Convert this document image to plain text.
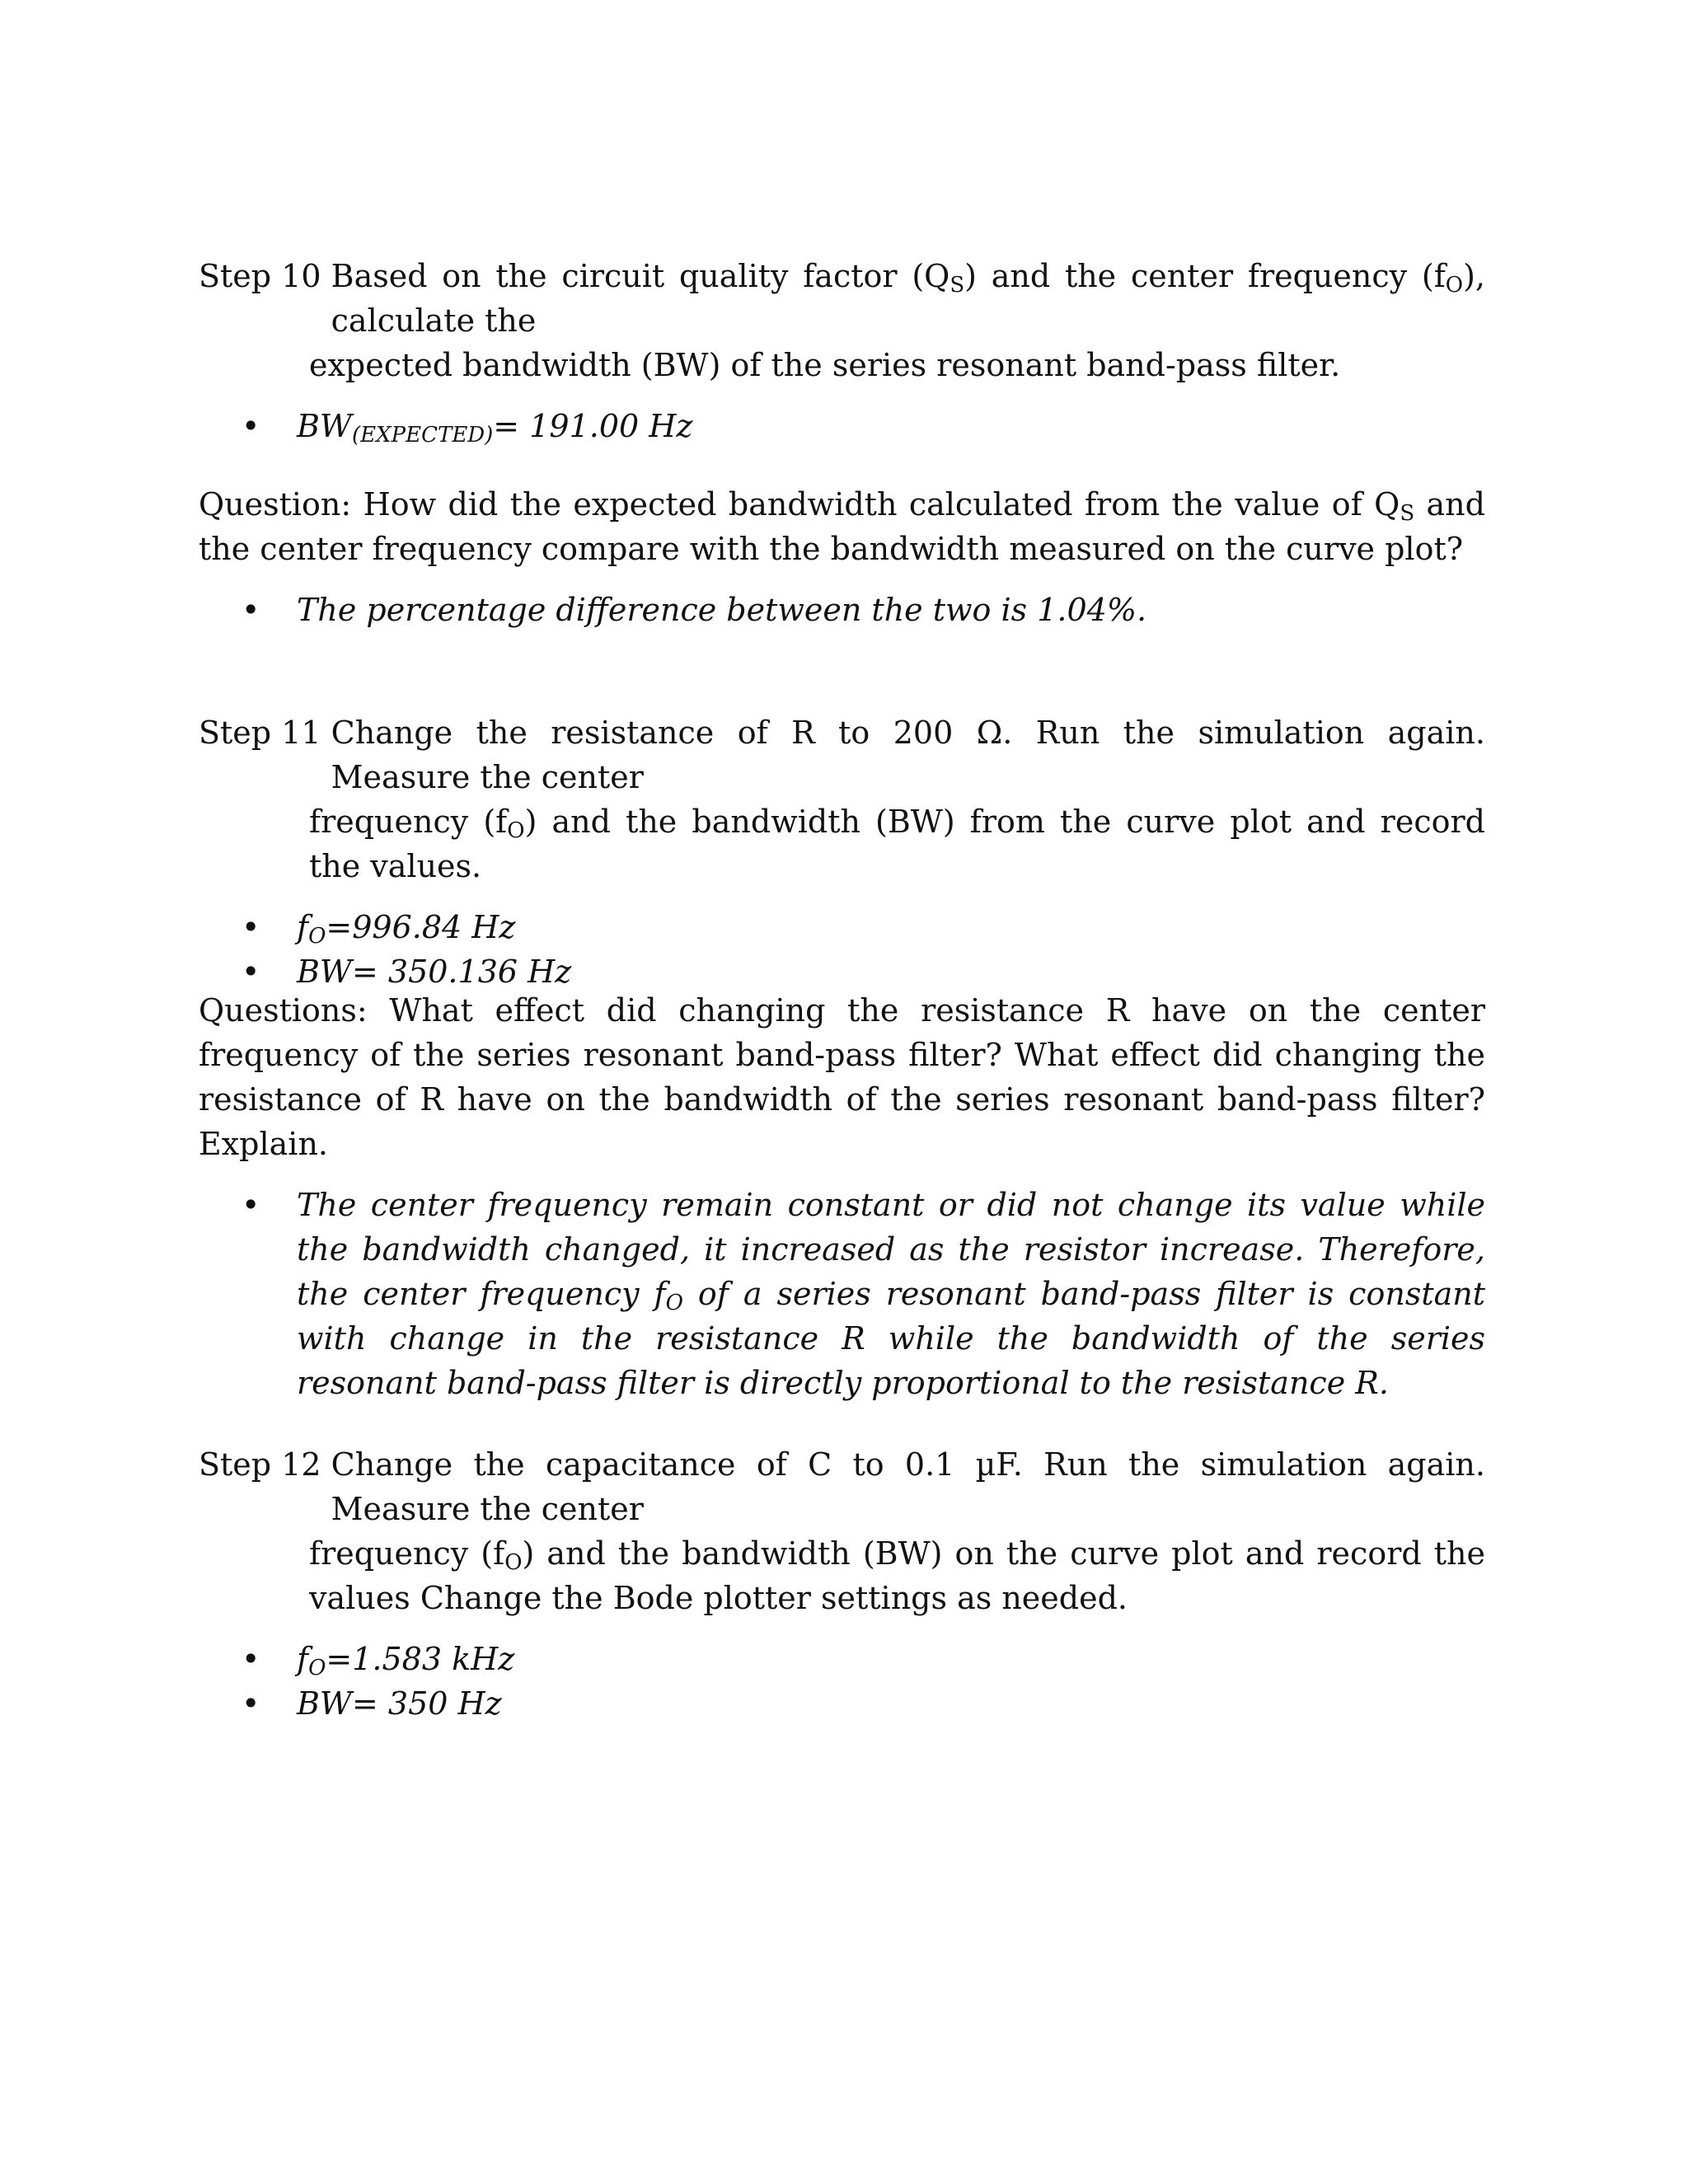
Step 10 Based on the circuit quality factor $(Q_S)$ and the center frequency $(f_O)$, calculate the
expected bandwidth (BW) of the series resonant band-pass filter.
•	$BW_{(EXPECTED)}= 191.00$ Hz
Question: How did the expected bandwidth calculated from the value of $Q_S$ and the center frequency compare with the bandwidth measured on the curve plot?
•	The percentage difference between the two is 1.04%.
Step 11 Change the resistance of R to 200 Ω. Run the simulation again. Measure the center
frequency $(f_O)$ and the bandwidth (BW) from the curve plot and record the values.
•	$f_O=996.84$ Hz
•	BW= 350.136 Hz
Questions: What effect did changing the resistance R have on the center frequency of the series resonant band-pass filter? What effect did changing the resistance of R have on the bandwidth of the series resonant band-pass filter? Explain.
•	The center frequency remain constant or did not change its value while the bandwidth changed, it increased as the resistor increase. Therefore, the center frequency $f_O$ of a series resonant band-pass filter is constant with change in the resistance R while the bandwidth of the series resonant band-pass filter is directly proportional to the resistance R.
Step 12 Change the capacitance of C to 0.1 µF. Run the simulation again. Measure the center
frequency $(f_O)$ and the bandwidth (BW) on the curve plot and record the values Change the Bode plotter settings as needed.
•	$f_O=1.583$ kHz
•	BW= 350 Hz
